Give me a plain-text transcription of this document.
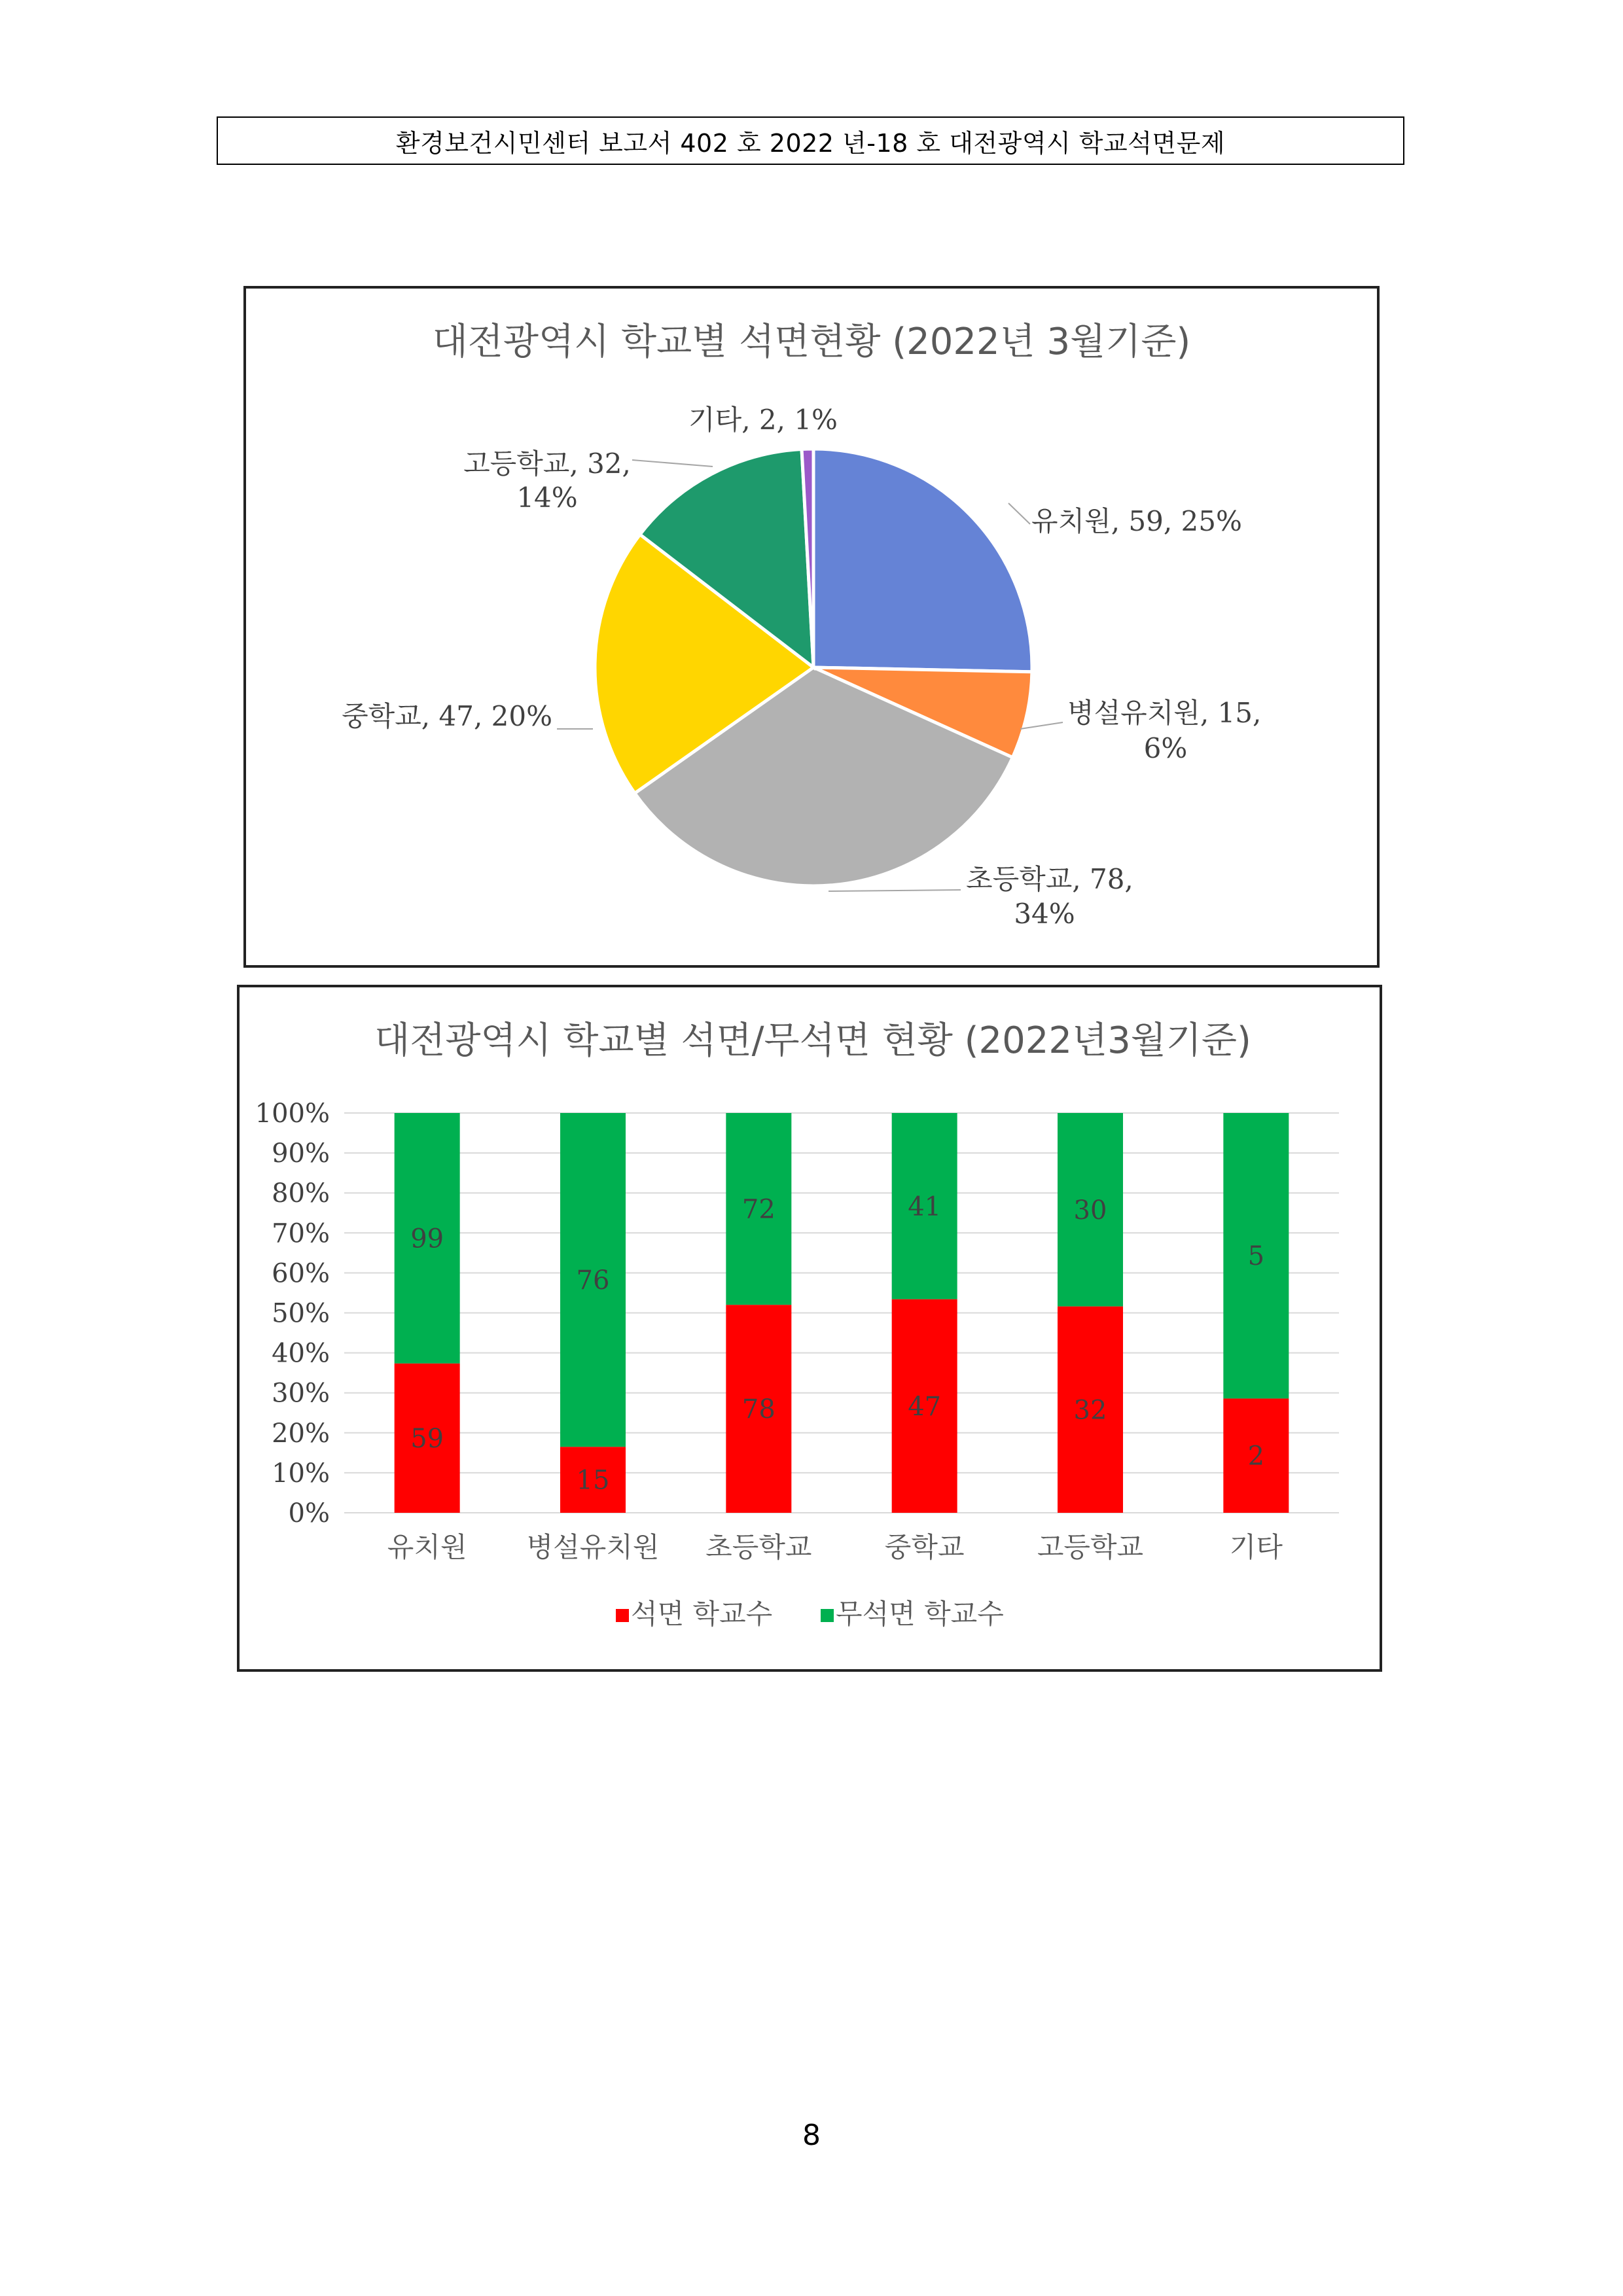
환경보건시민센터 보고서 402 호 2022 년-18 호 대전광역시 학교석면문제
대전광역시 학교별 석면현황 (2022년 3월기준)
유치원, 59, 25%
병설유치원, 15,
6%
초등학교, 78,
34%
중학교, 47, 20%
고등학교, 32,
14%
기타, 2, 1%
대전광역시 학교별 석면/무석면 현황 (2022년3월기준)
0%
10%
20%
30%
40%
50%
60%
70%
80%
90%
100%
99
59
유치원
76
15
병설유치원
72
78
초등학교
41
47
중학교
30
32
고등학교
5
2
기타
석면 학교수 무석면 학교수
8
